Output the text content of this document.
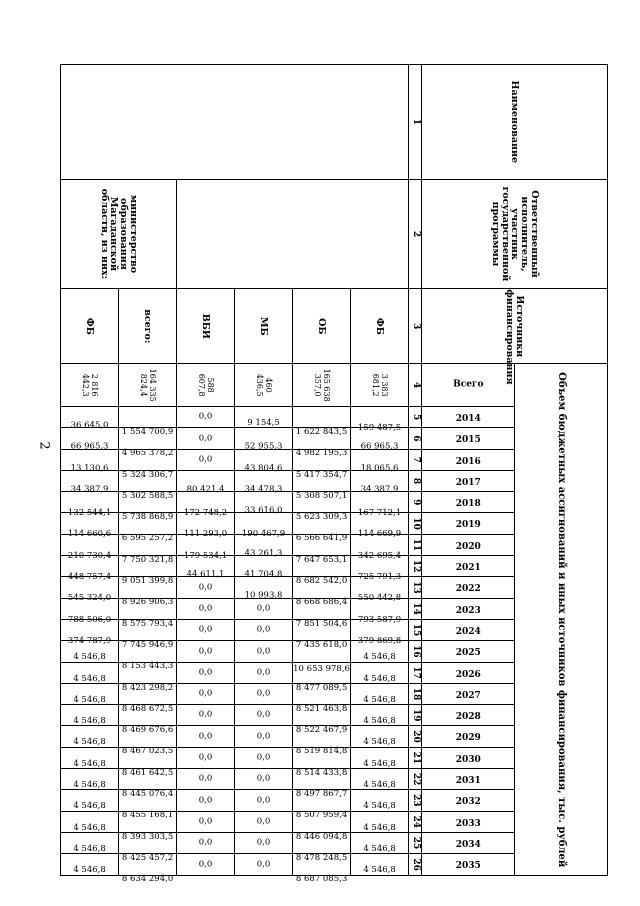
2
Наименование	Ответственный исполнитель, участник государственной программы	Источники финансирования	Объем бюджетных ассигнований и иных источников финансирования, тыс. рублей																						
			Всего	2014	2015	2016	2017	2018	2019	2020	2021	2022	2023	2024	2025	2026	2027	2028	2029	2030	2031	2032	2033	2034	2035
1	2	3	4	5	6	7	8	9	10	11	12	13	14	15	16	17	18	19	20	21	22	23	24	25	26
		ФБ	3 383 681,2	159 487,5	66 965,3	18 065,6	34 387,9	167 712,1	114 669,9	342 695,4	725 791,3	550 442,8	793 587,9	379 869,8	4 546,8	4 546,8	4 546,8	4 546,8	4 546,8	4 546,8	4 546,8	4 546,8	4 546,8	4 546,8	4 546,8
		ОБ	165 638 357,0	1 622 843,5	4 982 195,3	5 417 354,7	5 308 507,1	5 623 309,3	6 566 641,9	7 647 653,1	8 682 542,0	8 668 686,4	7 851 504,6	7 435 618,0	10 653 978,6	8 477 089,5	8 521 463,8	8 522 467,9	8 519 814,8	8 514 433,8	8 497 867,7	8 507 959,4	8 446 094,8	8 478 248,5	8 687 085,3
		МБ	460 436,5	9 154,5	52 955,3	43 804,6	34 478,3	33 616,0	190 467,9	43 261,3	41 704,8	10 993,8	0,0	0,0	0,0	0,0	0,0	0,0	0,0	0,0	0,0	0,0	0,0	0,0	0,0
		ВБИ	588 607,8	0,0	0,0	0,0	80 421,4	172 748,2	111 293,0	179 534,1	44 611,1	0,0	0,0	0,0	0,0	0,0	0,0	0,0	0,0	0,0	0,0	0,0	0,0	0,0	0,0
	министерство образования Магаданской области, из них:	всего:	164 335 824,4	1 554 700,9	4 965 378,2	5 324 306,7	5 302 588,5	5 738 868,9	6 595 257,2	7 750 321,8	9 051 399,8	8 926 906,3	8 575 793,4	7 745 946,9	8 153 443,3	8 423 298,2	8 468 672,5	8 469 676,6	8 467 023,5	8 461 642,5	8 445 076,4	8 455 168,1	8 393 303,5	8 425 457,2	8 634 294,0
		ФБ	2 816 442,3	36 645,0	66 965,3	13 130,6	34 387,9	132 544,1	114 660,6	210 730,4	448 757,4	545 324,0	788 506,0	374 787,9	4 546,8	4 546,8	4 546,8	4 546,8	4 546,8	4 546,8	4 546,8	4 546,8	4 546,8	4 546,8	4 546,8
